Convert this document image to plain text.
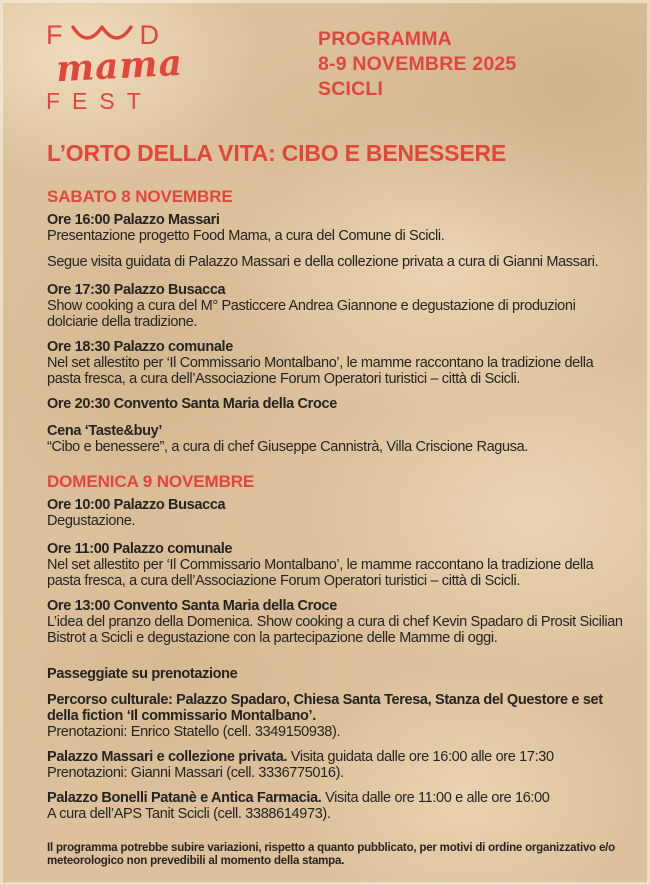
F	D
mama
FEST
PROGRAMMA
8-9 NOVEMBRE 2025
SCICLI
L’ORTO DELLA VITA: CIBO E BENESSERE
SABATO 8 NOVEMBRE
Ore 16:00 Palazzo Massari

Presentazione progetto Food Mama, a cura del Comune di Scicli.

Segue visita guidata di Palazzo Massari e della collezione privata a cura di Gianni Massari.

Ore 17:30 Palazzo Busacca

Show cooking a cura del M° Pasticcere Andrea Giannone e degustazione di produzioni dolciarie della tradizione.

Ore 18:30 Palazzo comunale

Nel set allestito per ‘Il Commissario Montalbano’, le mamme raccontano la tradizione della pasta fresca, a cura dell’Associazione Forum Operatori turistici – città di Scicli.

Ore 20:30 Convento Santa Maria della Croce
Cena ‘Taste&buy’

“Cibo e benessere”, a cura di chef Giuseppe Cannistrà, Villa Criscione Ragusa.

DOMENICA 9 NOVEMBRE
Ore 10:00 Palazzo Busacca

Degustazione.

Ore 11:00 Palazzo comunale

Nel set allestito per ‘Il Commissario Montalbano’, le mamme raccontano la tradizione della pasta fresca, a cura dell’Associazione Forum Operatori turistici – città di Scicli.

Ore 13:00 Convento Santa Maria della Croce

L’idea del pranzo della Domenica. Show cooking a cura di chef Kevin Spadaro di Prosit Sicilian Bistrot a Scicli e degustazione con la partecipazione delle Mamme di oggi.

Passeggiate su prenotazione
Percorso culturale: Palazzo Spadaro, Chiesa Santa Teresa, Stanza del Questore e set della fiction ‘Il commissario Montalbano’.
Prenotazioni: Enrico Statello (cell. 3349150938).
Palazzo Massari e collezione privata. Visita guidata dalle ore 16:00 alle ore 17:30
Prenotazioni: Gianni Massari (cell. 3336775016).
Palazzo Bonelli Patanè e Antica Farmacia. Visita dalle ore 11:00 e alle ore 16:00
A cura dell’APS Tanit Scicli (cell. 3388614973).

Il programma potrebbe subire variazioni, rispetto a quanto pubblicato, per motivi di ordine organizzativo e/o meteorologico non prevedibili al momento della stampa.
